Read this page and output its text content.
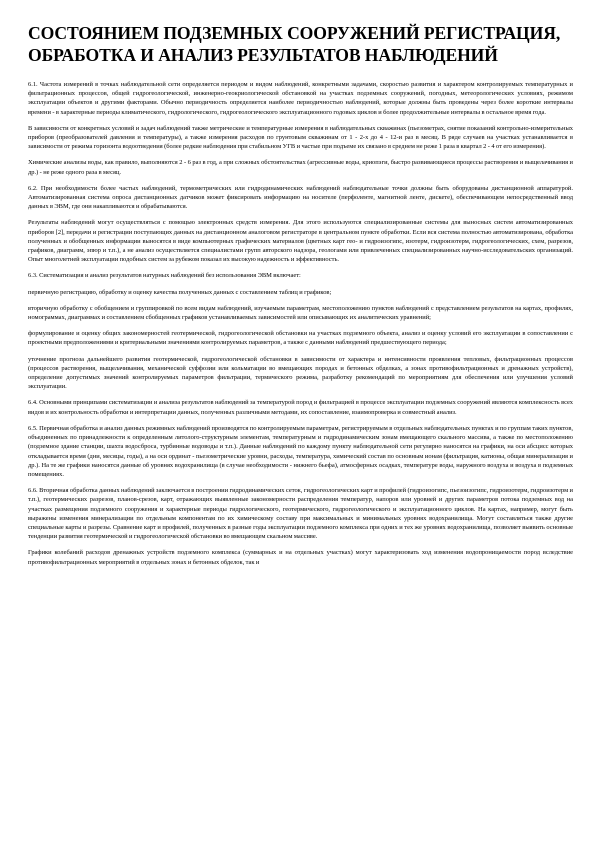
СОСТОЯНИЕМ ПОДЗЕМНЫХ СООРУЖЕНИЙ РЕГИСТРАЦИЯ, ОБРАБОТКА И АНАЛИЗ РЕЗУЛЬТАТОВ НАБЛЮДЕНИЙ

6.1. Частота измерений в точках наблюдательной сети определяется периодом и видом наблюдений, конкретными задачами, скоростью развития и характером контролируемых температурных и фильтрационных процессов, общей гидрогеологической, инженерно-геокриологической обстановкой на участках подземных сооружений, погодных, метеорологических условиях, режимом эксплуатации объектов и другими факторами. Обычно периодичность определяется наиболее периодичностью наблюдений, которые должны быть проведены через более короткие интервалы времени - в характерные периоды климатического, гидрологического, гидрогеологического эксплуатационного годовых циклов и более продолжительные интервалы в остальное время года.

В зависимости от конкретных условий и задач наблюдений также метрические и температурные измерения в наблюдательных скважинах (пьезометрах, снятие показаний контрольно-измерительных приборов (преобразователей давления и температуры), а также измерения расходов по грунтовым скважинам от 1 - 2-х до 4 - 12-и раз в месяц. В ряде случаев на участках устанавливается в зависимости от режима горизонта водоотведения (более редкие наблюдения при стабильном УГВ и частые при подъеме их связано в среднем не реже 1 раза в квартал 2 - 4 от его измерения).

Химические анализы воды, как правило, выполняются 2 - 6 раз в год, а при сложных обстоятельствах (агрессивные воды, криопэги, быстро развивающиеся процессы растворения и выщелачивания и др.) - не реже одного раза в месяц.

6.2. При необходимости более частых наблюдений, термометрических или гидродинамических наблюдений наблюдательные точки должны быть оборудованы дистанционной аппаратурой. Автоматизированная система опроса дистанционных датчиков может фиксировать информацию на носителе (перфоленте, магнитной ленте, дискете), обеспечивающем непосредственный ввод данных в ЭВМ, где они накапливаются и обрабатываются.

Результаты наблюдений могут осуществляться с помощью электронных средств измерения. Для этого используются специализированные системы для выносных систем автоматизированных приборов [2], передачи и регистрации поступающих данных на дистанционном аналоговом регистраторе в центральном пункте обработки. Если вся система полностью автоматизирована, обработка полученных и обобщенных информации выносятся в виде компьютерных графических материалов (цветных карт гео- и гидроизогипс, изотерм, гидроизотерм, гидрогеологических, схем, разрезов, графиков, диаграмм, эпюр и т.п.), а не анализ осуществляется специалистами групп авторского надзора, геологами или привлеченных специализированных научно-исследовательских организаций. Опыт многолетней эксплуатации подобных систем за рубежом показал их высокую надежность и эффективность.

6.3. Систематизация и анализ результатов натурных наблюдений без использования ЭВМ включает:

первичную регистрацию, обработку и оценку качества полученных данных с составлением таблиц и графиков;

вторичную обработку с обобщением и группировкой по всем видам наблюдений, изучаемым параметрам, местоположению пунктов наблюдений с представлением результатов на картах, профилях, номограммах, диаграммах и составлением сбобщенных графиков устанавливаемых зависимостей или описывающих их аналитических уравнений;

формулирование и оценку общих закономерностей геотермической, гидрогеологической обстановки на участках подземного объекта, анализ и оценку условий его эксплуатации в сопоставлении с проектными предположениями и критериальными значениями контролируемых параметров, а также с данными наблюдений предшествующего периода;

уточнение прогноза дальнейшего развития геотермической, гидрогеологической обстановки в зависимости от характера и интенсивности проявления тепловых, фильтрационных процессов (процессов растворения, выщелачивания, механической суффозии или кольматации во вмещающих породах и бетонных обделках, а зонах противофильтрационных и дренажных устройств), определение допустимых значений контролируемых параметров фильтрации, термического режима, разработку рекомендаций по мероприятиям для обеспечения или улучшения условий эксплуатации.

6.4. Основными принципами систематизации и анализа результатов наблюдений за температурой пород и фильтрацией в процессе эксплуатации подземных сооружений являются комплексность всех видов и их контрольность обработки и интерпретации данных, полученных различными методами, их сопоставление, взаимопроверка и совместный анализ.

6.5. Первичная обработка и анализ данных режимных наблюдений производятся по контролируемым параметрам, регистрируемым в отдельных наблюдательных пунктах и по группам таких пунктов, объединенных по принадлежности к определенным литолого-структурным элементам, температурным и гидродинамическим зонам вмещающего скального массива, а также по местоположению (подземное здание станции, шахта водосброса, турбинные водоводы и т.п.). Данные наблюдений по каждому пункту наблюдательной сети регулярно наносятся на графики, на оси абсцисс которых откладывается время (дни, месяцы, годы), а на оси ординат - пьезометрические уровни, расходы, температура, химический состав по основным ионам (фильтрация, катионы, общая минерализация и др.). На те же графики наносятся данные об уровнях водохранилища (в случае необходимости - нижнего бьефа), атмосферных осадках, температуре воды, наружного воздуха и воздуха в подземных помещениях.

6.6. Вторичная обработка данных наблюдений заключается в построении гидродинамических сеток, гидрогеологических карт и профилей (гидроизогипс, пьезоизогипс, гидроизотерм, гидроизотерм и т.п.), геотермических разрезов, планов-срезов, карт, отражающих выявленные закономерности распределения температур, напоров или уровней и других параметров потока подземных вод на участках размещения подземного сооружения и характерные периоды гидрологического, геотермического, гидрогеологического и эксплуатационного циклов. На картах, например, могут быть выражены изменения минерализации по отдельным компонентам по их химическому составу при максимальных и минимальных уровнях водохранилища. Могут составляться также другие специальные карты и разрезы. Сравнение карт и профилей, полученных в разные годы эксплуатации подземного комплекса при одних и тех же уровнях водохранилища, позволяет выявить основные тенденции развития геотермической и гидрогеологической обстановки во вмещающем скальном массиве.

Графики колебаний расходов дренажных устройств подземного комплекса (суммарных и на отдельных участках) могут характеризовать ход изменения водопроницаемости пород вследствие противофильтрационных мероприятий в отдельных зонах и бетонных обделок, так и
